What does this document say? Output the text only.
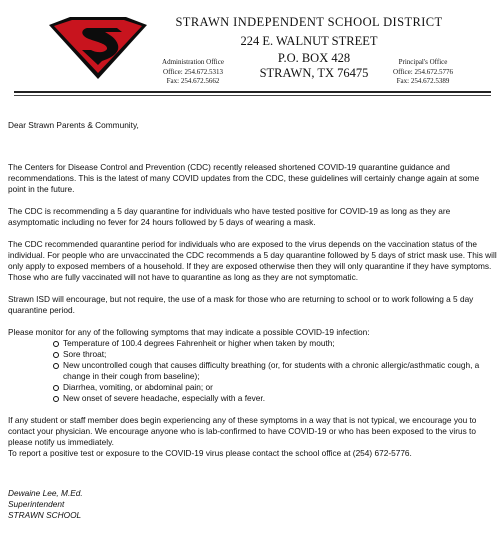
STRAWN INDEPENDENT SCHOOL DISTRICT
224 E. WALNUT STREET
P.O. BOX 428
STRAWN, TX 76475
Administration Office
Office: 254.672.5313
Fax: 254.672.5662
Principal's Office
Office: 254.672.5776
Fax: 254.672.5389

Dear Strawn Parents & Community,

The Centers for Disease Control and Prevention (CDC) recently released shortened COVID-19 quarantine guidance and recommendations. This is the latest of many COVID updates from the CDC, these guidelines will certainly change again at some point in the future.

The CDC is recommending a 5 day quarantine for individuals who have tested positive for COVID-19 as long as they are asymptomatic including no fever for 24 hours followed by 5 days of wearing a mask.

The CDC recommended quarantine period for individuals who are exposed to the virus depends on the vaccination status of the individual. For people who are unvaccinated the CDC recommends a 5 day quarantine followed by 5 days of strict mask use. This will only apply to exposed members of a household. If they are exposed otherwise then they will only quarantine if they have symptoms. Those who are fully vaccinated will not have to quarantine as long as they are not symptomatic.

Strawn ISD will encourage, but not require, the use of a mask for those who are returning to school or to work following a 5 day quarantine period.

Please monitor for any of the following symptoms that may indicate a possible COVID-19 infection:

Temperature of 100.4 degrees Fahrenheit or higher when taken by mouth;
Sore throat;
New uncontrolled cough that causes difficulty breathing (or, for students with a chronic allergic/asthmatic cough, a change in their cough from baseline);
Diarrhea, vomiting, or abdominal pain; or
New onset of severe headache, especially with a fever.

If any student or staff member does begin experiencing any of these symptoms in a way that is not typical, we encourage you to contact your physician. We encourage anyone who is lab-confirmed to have COVID-19 or who has been exposed to the virus to please notify us immediately.

To report a positive test or exposure to the COVID-19 virus please contact the school office at (254) 672-5776.

Dewaine Lee, M.Ed.
Superintendent
STRAWN SCHOOL
